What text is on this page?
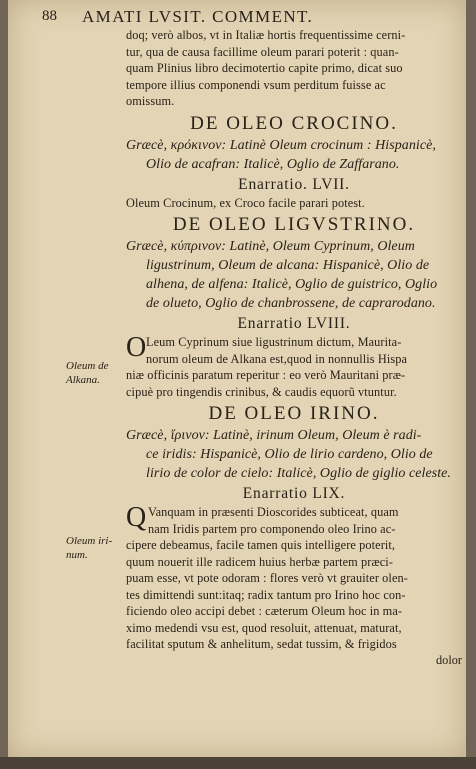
88 AMATI LVSIT. COMMENT.
Oleum de Alkana.
Oleum iri-num.
doq; verò albos, vt in Italiæ hortis frequentissime cerni-
tur, qua de causa facillime oleum parari poterit : quan-
quam Plinius libro decimotertio capite primo, dicat suo
tempore illius componendi vsum perditum fuisse ac
omissum.
DE OLEO CROCINO.
Græcè, κρόκινον: Latinè Oleum crocinum : Hispanicè,
Olio de acafran: Italicè, Oglio de Zaffarano.
Enarratio. LVII.
Oleum Crocinum, ex Croco facile parari potest.
DE OLEO LIGVSTRINO.
Græcè, κύπρινον: Latinè, Oleum Cyprinum, Oleum
ligustrinum, Oleum de alcana: Hispanicè, Olio de
alhena, de alfena: Italicè, Oglio de guistrico, Oglio
de olueto, Oglio de chanbrossene, de caprarodano.
Enarratio LVIII.
O Leum Cyprinum siue ligustrinum dictum, Maurita-
norum oleum de Alkana est,quod in nonnullis Hispa
niæ officinis paratum reperitur : eo verò Mauritani præ-
cipuè pro tingendis crinibus, & caudis equorũ vtuntur.
DE OLEO IRINO.
Græcè, ἴρινον: Latinè, irinum Oleum, Oleum è radi-
ce iridis: Hispanicè, Olio de lirio cardeno, Olio de
lirio de color de cielo: Italicè, Oglio de giglio celeste.
Enarratio LIX.
Q Vanquam in præsenti Dioscorides subticeat, quam
nam Iridis partem pro componendo oleo Irino ac-
cipere debeamus, facile tamen quis intelligere poterit,
quum nouerit ille radicem huius herbæ partem præci-
puam esse, vt pote odoram : flores verò vt grauiter olen-
tes dimittendi sunt:itaq; radix tantum pro Irino hoc con-
ficiendo oleo accipi debet : cæterum Oleum hoc in ma-
ximo medendi vsu est, quod resoluit, attenuat, maturat,
facilitat sputum & anhelitum, sedat tussim, & frigidos
dolor
